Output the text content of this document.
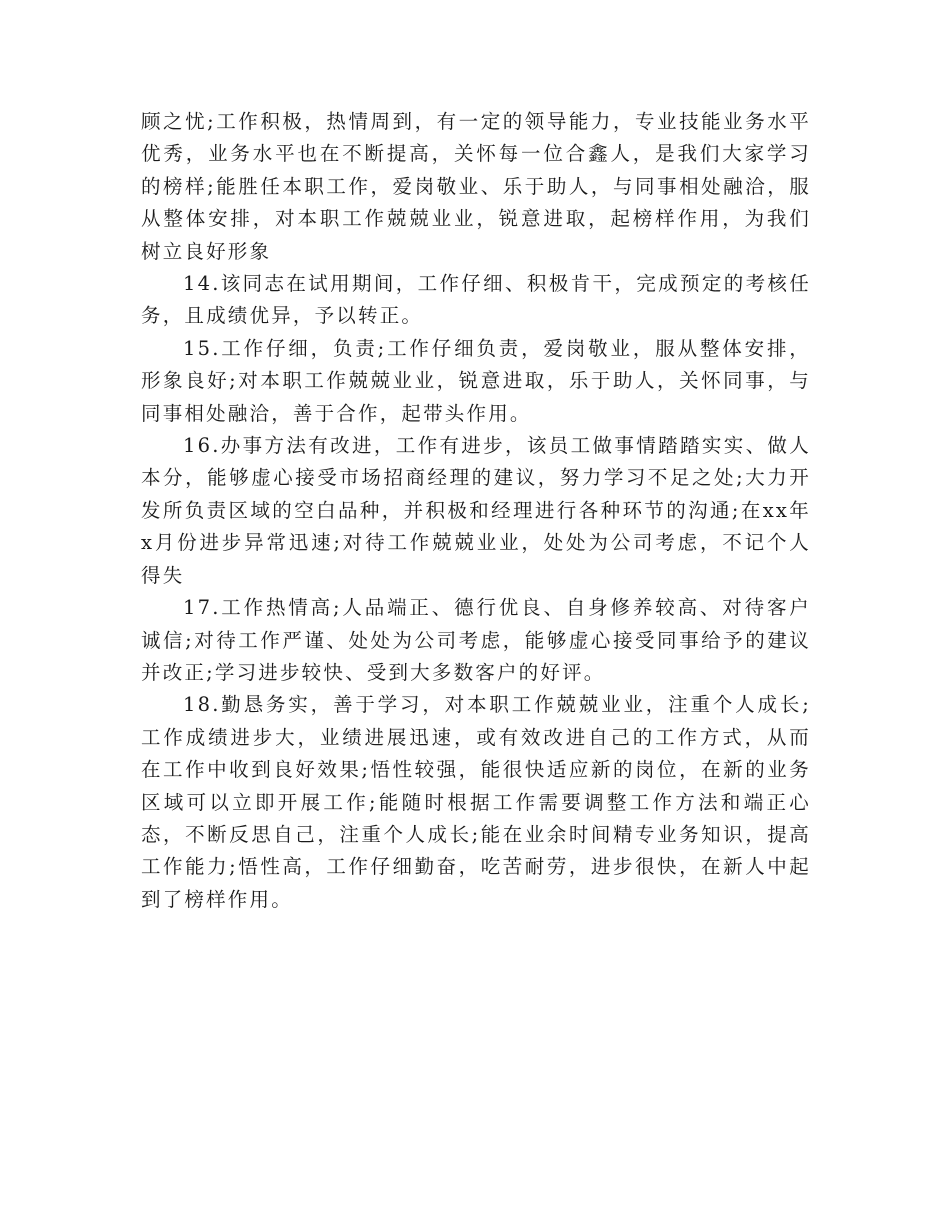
顾之忧;工作积极，热情周到，有一定的领导能力，专业技能业务水平优秀，业务水平也在不断提高，关怀每一位合鑫人，是我们大家学习的榜样;能胜任本职工作，爱岗敬业、乐于助人，与同事相处融洽，服从整体安排，对本职工作兢兢业业，锐意进取，起榜样作用，为我们树立良好形象

14.该同志在试用期间，工作仔细、积极肯干，完成预定的考核任务，且成绩优异，予以转正。

15.工作仔细，负责;工作仔细负责，爱岗敬业，服从整体安排，形象良好;对本职工作兢兢业业，锐意进取，乐于助人，关怀同事，与同事相处融洽，善于合作，起带头作用。

16.办事方法有改进，工作有进步，该员工做事情踏踏实实、做人本分，能够虚心接受市场招商经理的建议，努力学习不足之处;大力开发所负责区域的空白品种，并积极和经理进行各种环节的沟通;在xx年x月份进步异常迅速;对待工作兢兢业业，处处为公司考虑，不记个人得失

17.工作热情高;人品端正、德行优良、自身修养较高、对待客户诚信;对待工作严谨、处处为公司考虑，能够虚心接受同事给予的建议并改正;学习进步较快、受到大多数客户的好评。

18.勤恳务实，善于学习，对本职工作兢兢业业，注重个人成长;工作成绩进步大，业绩进展迅速，或有效改进自己的工作方式，从而在工作中收到良好效果;悟性较强，能很快适应新的岗位，在新的业务区域可以立即开展工作;能随时根据工作需要调整工作方法和端正心态，不断反思自己，注重个人成长;能在业余时间精专业务知识，提高工作能力;悟性高，工作仔细勤奋，吃苦耐劳，进步很快，在新人中起到了榜样作用。
